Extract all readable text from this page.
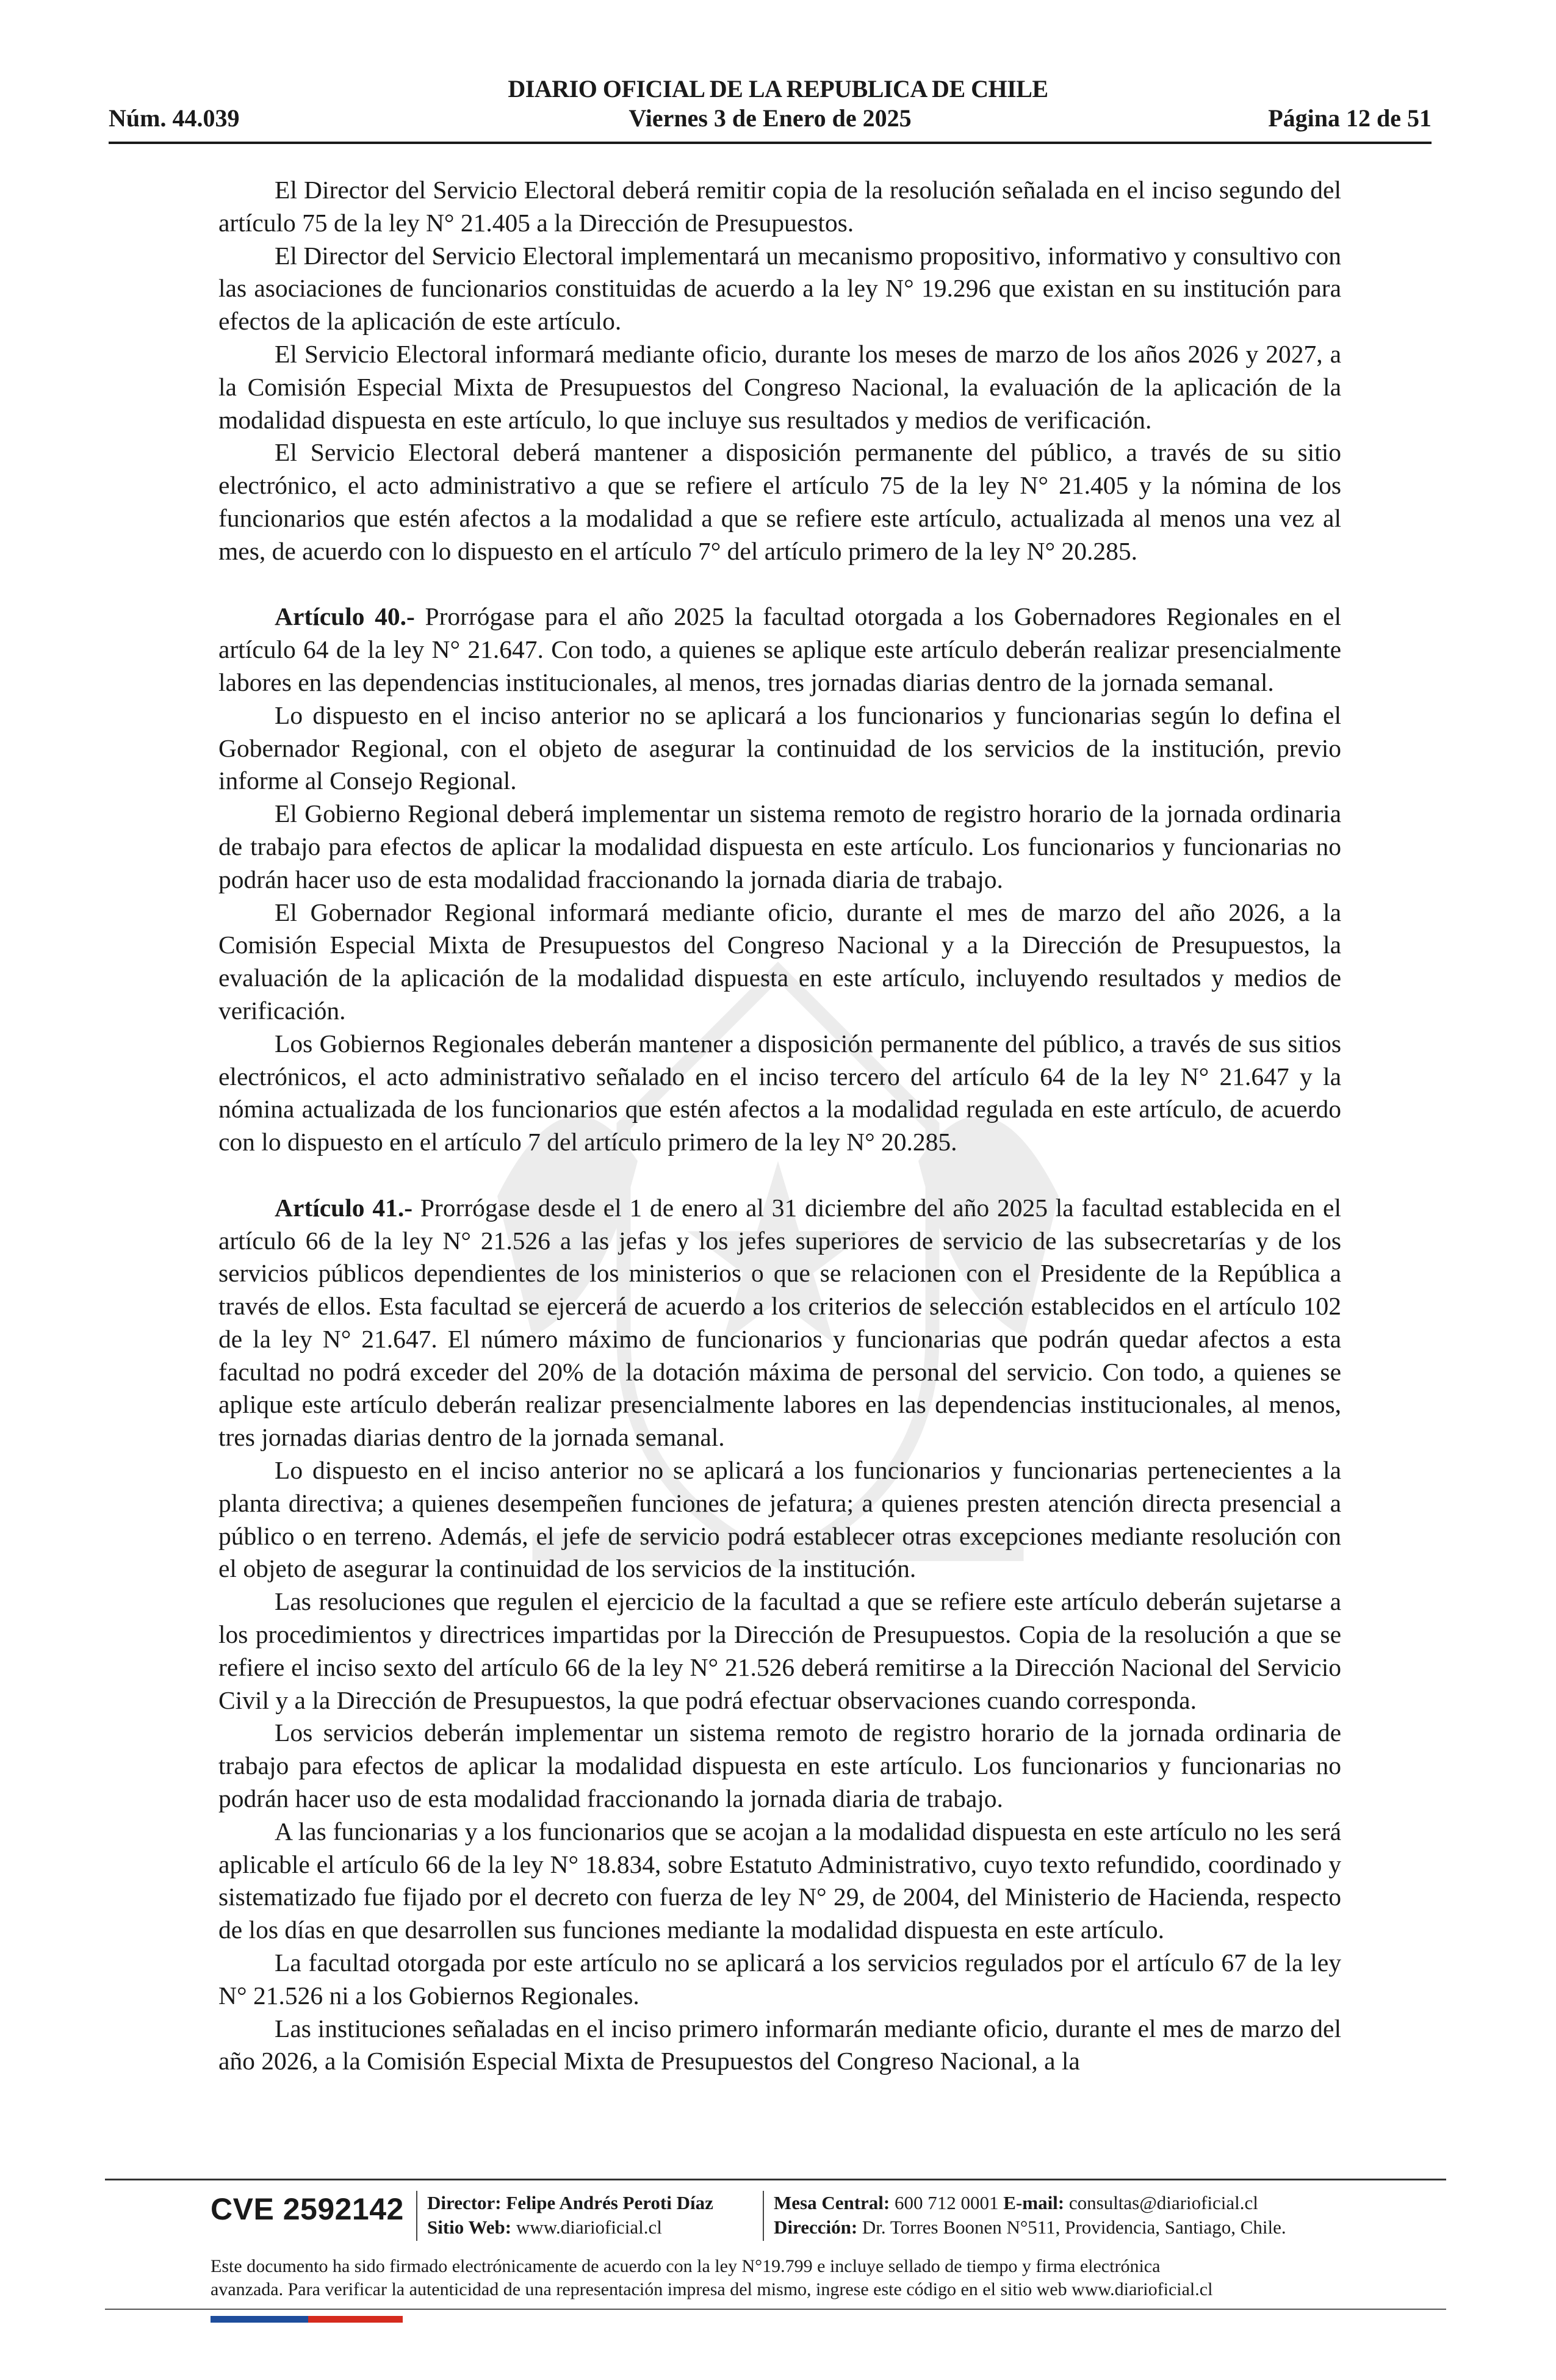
DIARIO OFICIAL DE LA REPUBLICA DE CHILE
Núm. 44.039	Viernes 3 de Enero de 2025	Página 12 de 51

El Director del Servicio Electoral deberá remitir copia de la resolución señalada en el inciso segundo del artículo 75 de la ley N° 21.405 a la Dirección de Presupuestos.

El Director del Servicio Electoral implementará un mecanismo propositivo, informativo y consultivo con las asociaciones de funcionarios constituidas de acuerdo a la ley N° 19.296 que existan en su institución para efectos de la aplicación de este artículo.

El Servicio Electoral informará mediante oficio, durante los meses de marzo de los años 2026 y 2027, a la Comisión Especial Mixta de Presupuestos del Congreso Nacional, la evaluación de la aplicación de la modalidad dispuesta en este artículo, lo que incluye sus resultados y medios de verificación.

El Servicio Electoral deberá mantener a disposición permanente del público, a través de su sitio electrónico, el acto administrativo a que se refiere el artículo 75 de la ley N° 21.405 y la nómina de los funcionarios que estén afectos a la modalidad a que se refiere este artículo, actualizada al menos una vez al mes, de acuerdo con lo dispuesto en el artículo 7° del artículo primero de la ley N° 20.285.

Artículo 40.- Prorrógase para el año 2025 la facultad otorgada a los Gobernadores Regionales en el artículo 64 de la ley N° 21.647. Con todo, a quienes se aplique este artículo deberán realizar presencialmente labores en las dependencias institucionales, al menos, tres jornadas diarias dentro de la jornada semanal.

Lo dispuesto en el inciso anterior no se aplicará a los funcionarios y funcionarias según lo defina el Gobernador Regional, con el objeto de asegurar la continuidad de los servicios de la institución, previo informe al Consejo Regional.

El Gobierno Regional deberá implementar un sistema remoto de registro horario de la jornada ordinaria de trabajo para efectos de aplicar la modalidad dispuesta en este artículo. Los funcionarios y funcionarias no podrán hacer uso de esta modalidad fraccionando la jornada diaria de trabajo.

El Gobernador Regional informará mediante oficio, durante el mes de marzo del año 2026, a la Comisión Especial Mixta de Presupuestos del Congreso Nacional y a la Dirección de Presupuestos, la evaluación de la aplicación de la modalidad dispuesta en este artículo, incluyendo resultados y medios de verificación.

Los Gobiernos Regionales deberán mantener a disposición permanente del público, a través de sus sitios electrónicos, el acto administrativo señalado en el inciso tercero del artículo 64 de la ley N° 21.647 y la nómina actualizada de los funcionarios que estén afectos a la modalidad regulada en este artículo, de acuerdo con lo dispuesto en el artículo 7 del artículo primero de la ley N° 20.285.

Artículo 41.- Prorrógase desde el 1 de enero al 31 diciembre del año 2025 la facultad establecida en el artículo 66 de la ley N° 21.526 a las jefas y los jefes superiores de servicio de las subsecretarías y de los servicios públicos dependientes de los ministerios o que se relacionen con el Presidente de la República a través de ellos. Esta facultad se ejercerá de acuerdo a los criterios de selección establecidos en el artículo 102 de la ley N° 21.647. El número máximo de funcionarios y funcionarias que podrán quedar afectos a esta facultad no podrá exceder del 20% de la dotación máxima de personal del servicio. Con todo, a quienes se aplique este artículo deberán realizar presencialmente labores en las dependencias institucionales, al menos, tres jornadas diarias dentro de la jornada semanal.

Lo dispuesto en el inciso anterior no se aplicará a los funcionarios y funcionarias pertenecientes a la planta directiva; a quienes desempeñen funciones de jefatura; a quienes presten atención directa presencial a público o en terreno. Además, el jefe de servicio podrá establecer otras excepciones mediante resolución con el objeto de asegurar la continuidad de los servicios de la institución.

Las resoluciones que regulen el ejercicio de la facultad a que se refiere este artículo deberán sujetarse a los procedimientos y directrices impartidas por la Dirección de Presupuestos. Copia de la resolución a que se refiere el inciso sexto del artículo 66 de la ley N° 21.526 deberá remitirse a la Dirección Nacional del Servicio Civil y a la Dirección de Presupuestos, la que podrá efectuar observaciones cuando corresponda.

Los servicios deberán implementar un sistema remoto de registro horario de la jornada ordinaria de trabajo para efectos de aplicar la modalidad dispuesta en este artículo. Los funcionarios y funcionarias no podrán hacer uso de esta modalidad fraccionando la jornada diaria de trabajo.

A las funcionarias y a los funcionarios que se acojan a la modalidad dispuesta en este artículo no les será aplicable el artículo 66 de la ley N° 18.834, sobre Estatuto Administrativo, cuyo texto refundido, coordinado y sistematizado fue fijado por el decreto con fuerza de ley N° 29, de 2004, del Ministerio de Hacienda, respecto de los días en que desarrollen sus funciones mediante la modalidad dispuesta en este artículo.

La facultad otorgada por este artículo no se aplicará a los servicios regulados por el artículo 67 de la ley N° 21.526 ni a los Gobiernos Regionales.

Las instituciones señaladas en el inciso primero informarán mediante oficio, durante el mes de marzo del año 2026, a la Comisión Especial Mixta de Presupuestos del Congreso Nacional, a la

CVE 2592142 Director: Felipe Andrés Peroti Díaz
Sitio Web: www.diarioficial.cl
Mesa Central: 600 712 0001 E-mail: consultas@diarioficial.cl
Dirección: Dr. Torres Boonen N°511, Providencia, Santiago, Chile.
Este documento ha sido firmado electrónicamente de acuerdo con la ley N°19.799 e incluye sellado de tiempo y firma electrónica
avanzada. Para verificar la autenticidad de una representación impresa del mismo, ingrese este código en el sitio web www.diarioficial.cl
